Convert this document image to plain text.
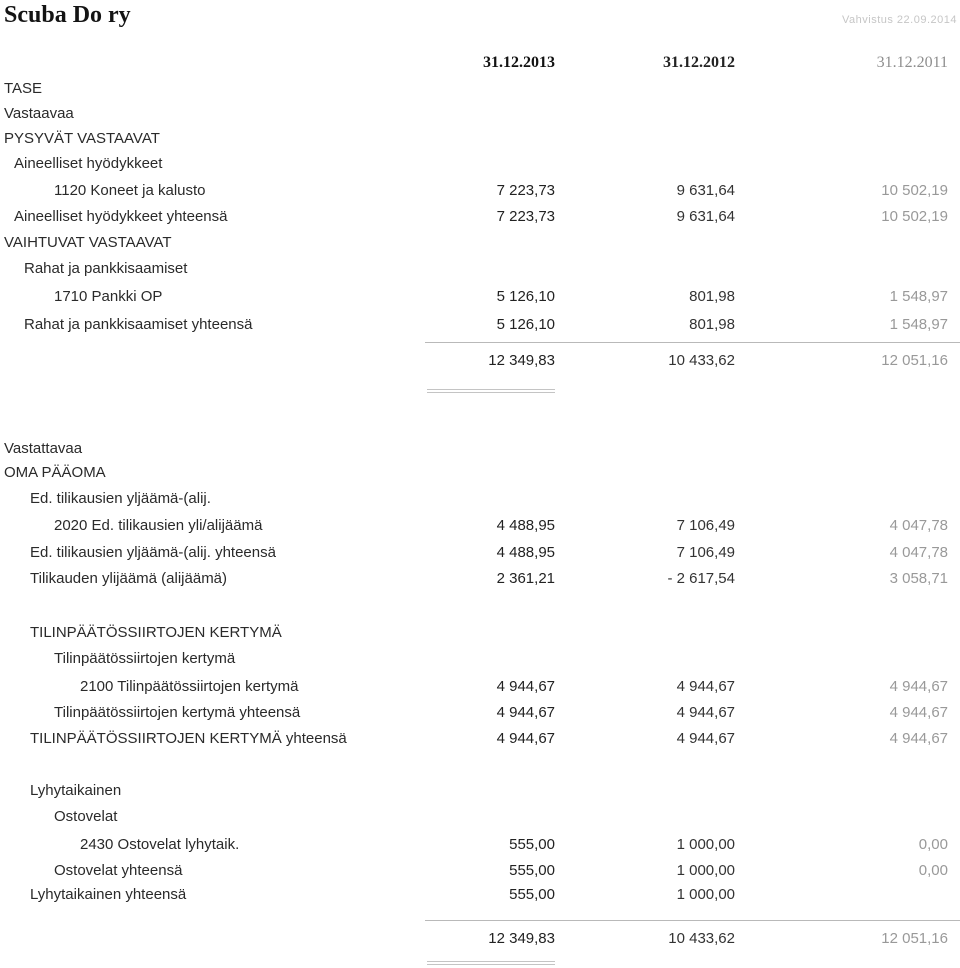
Scuba Do ry	Vahvistus 22.09.2014
31.12.2013	31.12.2012	31.12.2011
TASE
Vastaavaa
PYSYVÄT VASTAAVAT
Aineelliset hyödykkeet
1120 Koneet ja kalusto	7 223,73	9 631,64	10 502,19
Aineelliset hyödykkeet yhteensä	7 223,73	9 631,64	10 502,19
VAIHTUVAT VASTAAVAT
Rahat ja pankkisaamiset
1710 Pankki OP	5 126,10	801,98	1 548,97
Rahat ja pankkisaamiset yhteensä	5 126,10	801,98	1 548,97
12 349,83	10 433,62	12 051,16
Vastattavaa
OMA PÄÄOMA
Ed. tilikausien yljäämä-(alij.
2020 Ed. tilikausien yli/alijäämä	4 488,95	7 106,49	4 047,78
Ed. tilikausien yljäämä-(alij. yhteensä	4 488,95	7 106,49	4 047,78
Tilikauden ylijäämä (alijäämä)	2 361,21	- 2 617,54	3 058,71
TILINPÄÄTÖSSIIRTOJEN KERTYMÄ
Tilinpäätössiirtojen kertymä
2100 Tilinpäätössiirtojen kertymä	4 944,67	4 944,67	4 944,67
Tilinpäätössiirtojen kertymä yhteensä	4 944,67	4 944,67	4 944,67
TILINPÄÄTÖSSIIRTOJEN KERTYMÄ yhteensä	4 944,67	4 944,67	4 944,67
Lyhytaikainen
Ostovelat
2430 Ostovelat lyhytaik.	555,00	1 000,00	0,00
Ostovelat yhteensä	555,00	1 000,00	0,00
Lyhytaikainen yhteensä	555,00	1 000,00
12 349,83	10 433,62	12 051,16
